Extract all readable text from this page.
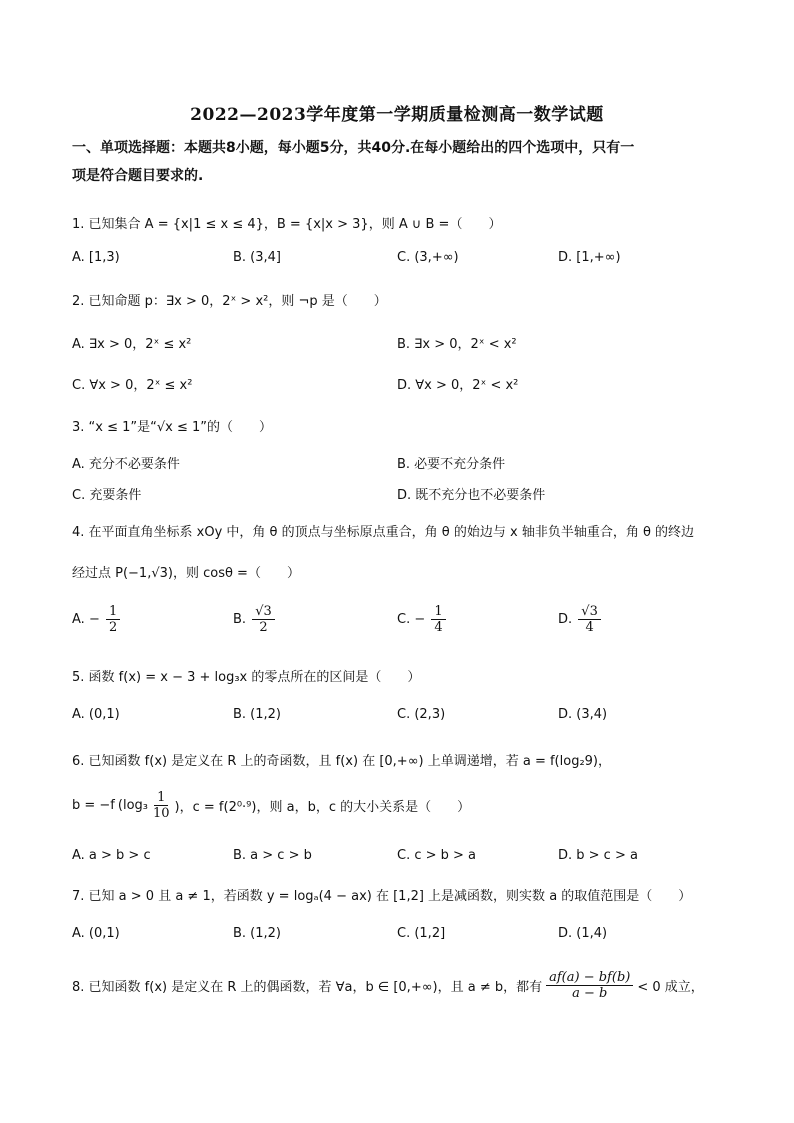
2022—2023学年度第一学期质量检测高一数学试题
一、单项选择题：本题共8小题，每小题5分，共40分.在每小题给出的四个选项中，只有一
项是符合题目要求的.
1. 已知集合 A = {x|1 ≤ x ≤ 4}，B = {x|x > 3}，则 A ∪ B =（　　）
A. [1,3)	B. (3,4]	C. (3,+∞)	D. [1,+∞)
2. 已知命题 p：∃x > 0，2ˣ > x²，则 ¬p 是（　　）
A. ∃x > 0，2ˣ ≤ x²	B. ∃x > 0，2ˣ < x²
C. ∀x > 0，2ˣ ≤ x²	D. ∀x > 0，2ˣ < x²
3. “x ≤ 1”是“√x ≤ 1”的（　　）
A. 充分不必要条件	B. 必要不充分条件
C. 充要条件	D. 既不充分也不必要条件
4. 在平面直角坐标系 xOy 中，角 θ 的顶点与坐标原点重合，角 θ 的始边与 x 轴非负半轴重合，角 θ 的终边
经过点 P(−1,√3)，则 cosθ =（　　）
A. − $\frac{1}{2}$	B. $\frac{√3}{2}$	C. − $\frac{1}{4}$	D. $\frac{√3}{4}$
5. 函数 f(x) = x − 3 + log₃x 的零点所在的区间是（　　）
A. (0,1)	B. (1,2)	C. (2,3)	D. (3,4)
6. 已知函数 f(x) 是定义在 R 上的奇函数，且 f(x) 在 [0,+∞) 上单调递增，若 a = f(log₂9)，
b = −f ($\log_3 \frac{1}{10}$ )，c = f(2⁰·⁹)，则 a，b，c 的大小关系是（　　）
A. a > b > c	B. a > c > b	C. c > b > a	D. b > c > a
7. 已知 a > 0 且 a ≠ 1，若函数 y = logₐ(4 − ax) 在 [1,2] 上是减函数，则实数 a 的取值范围是（　　）
A. (0,1)	B. (1,2)	C. (1,2]	D. (1,4)
8. 已知函数 f(x) 是定义在 R 上的偶函数，若 ∀a，b ∈ [0,+∞)，且 a ≠ b，都有 $\frac{af(a) - bf(b)}{a - b} < 0$ 成立，
